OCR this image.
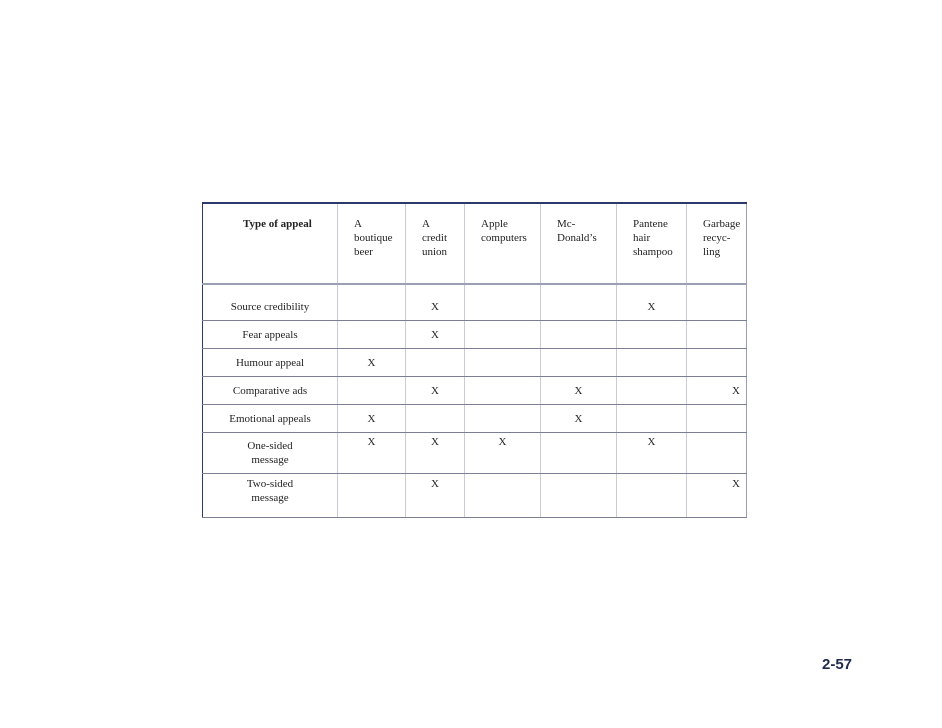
Type of appeal	A
boutique
beer	A
credit
union	Apple
computers	Mc-
Donald’s	Pantene
hair
shampoo	Garbage
recyc-
ling

Source credibility		X			X	
Fear appeals		X				
Humour appeal	X					
Comparative ads		X		X		X
Emotional appeals	X			X		
One-sided
message	X	X	X		X	
Two-sided
message		X				X
2-57
